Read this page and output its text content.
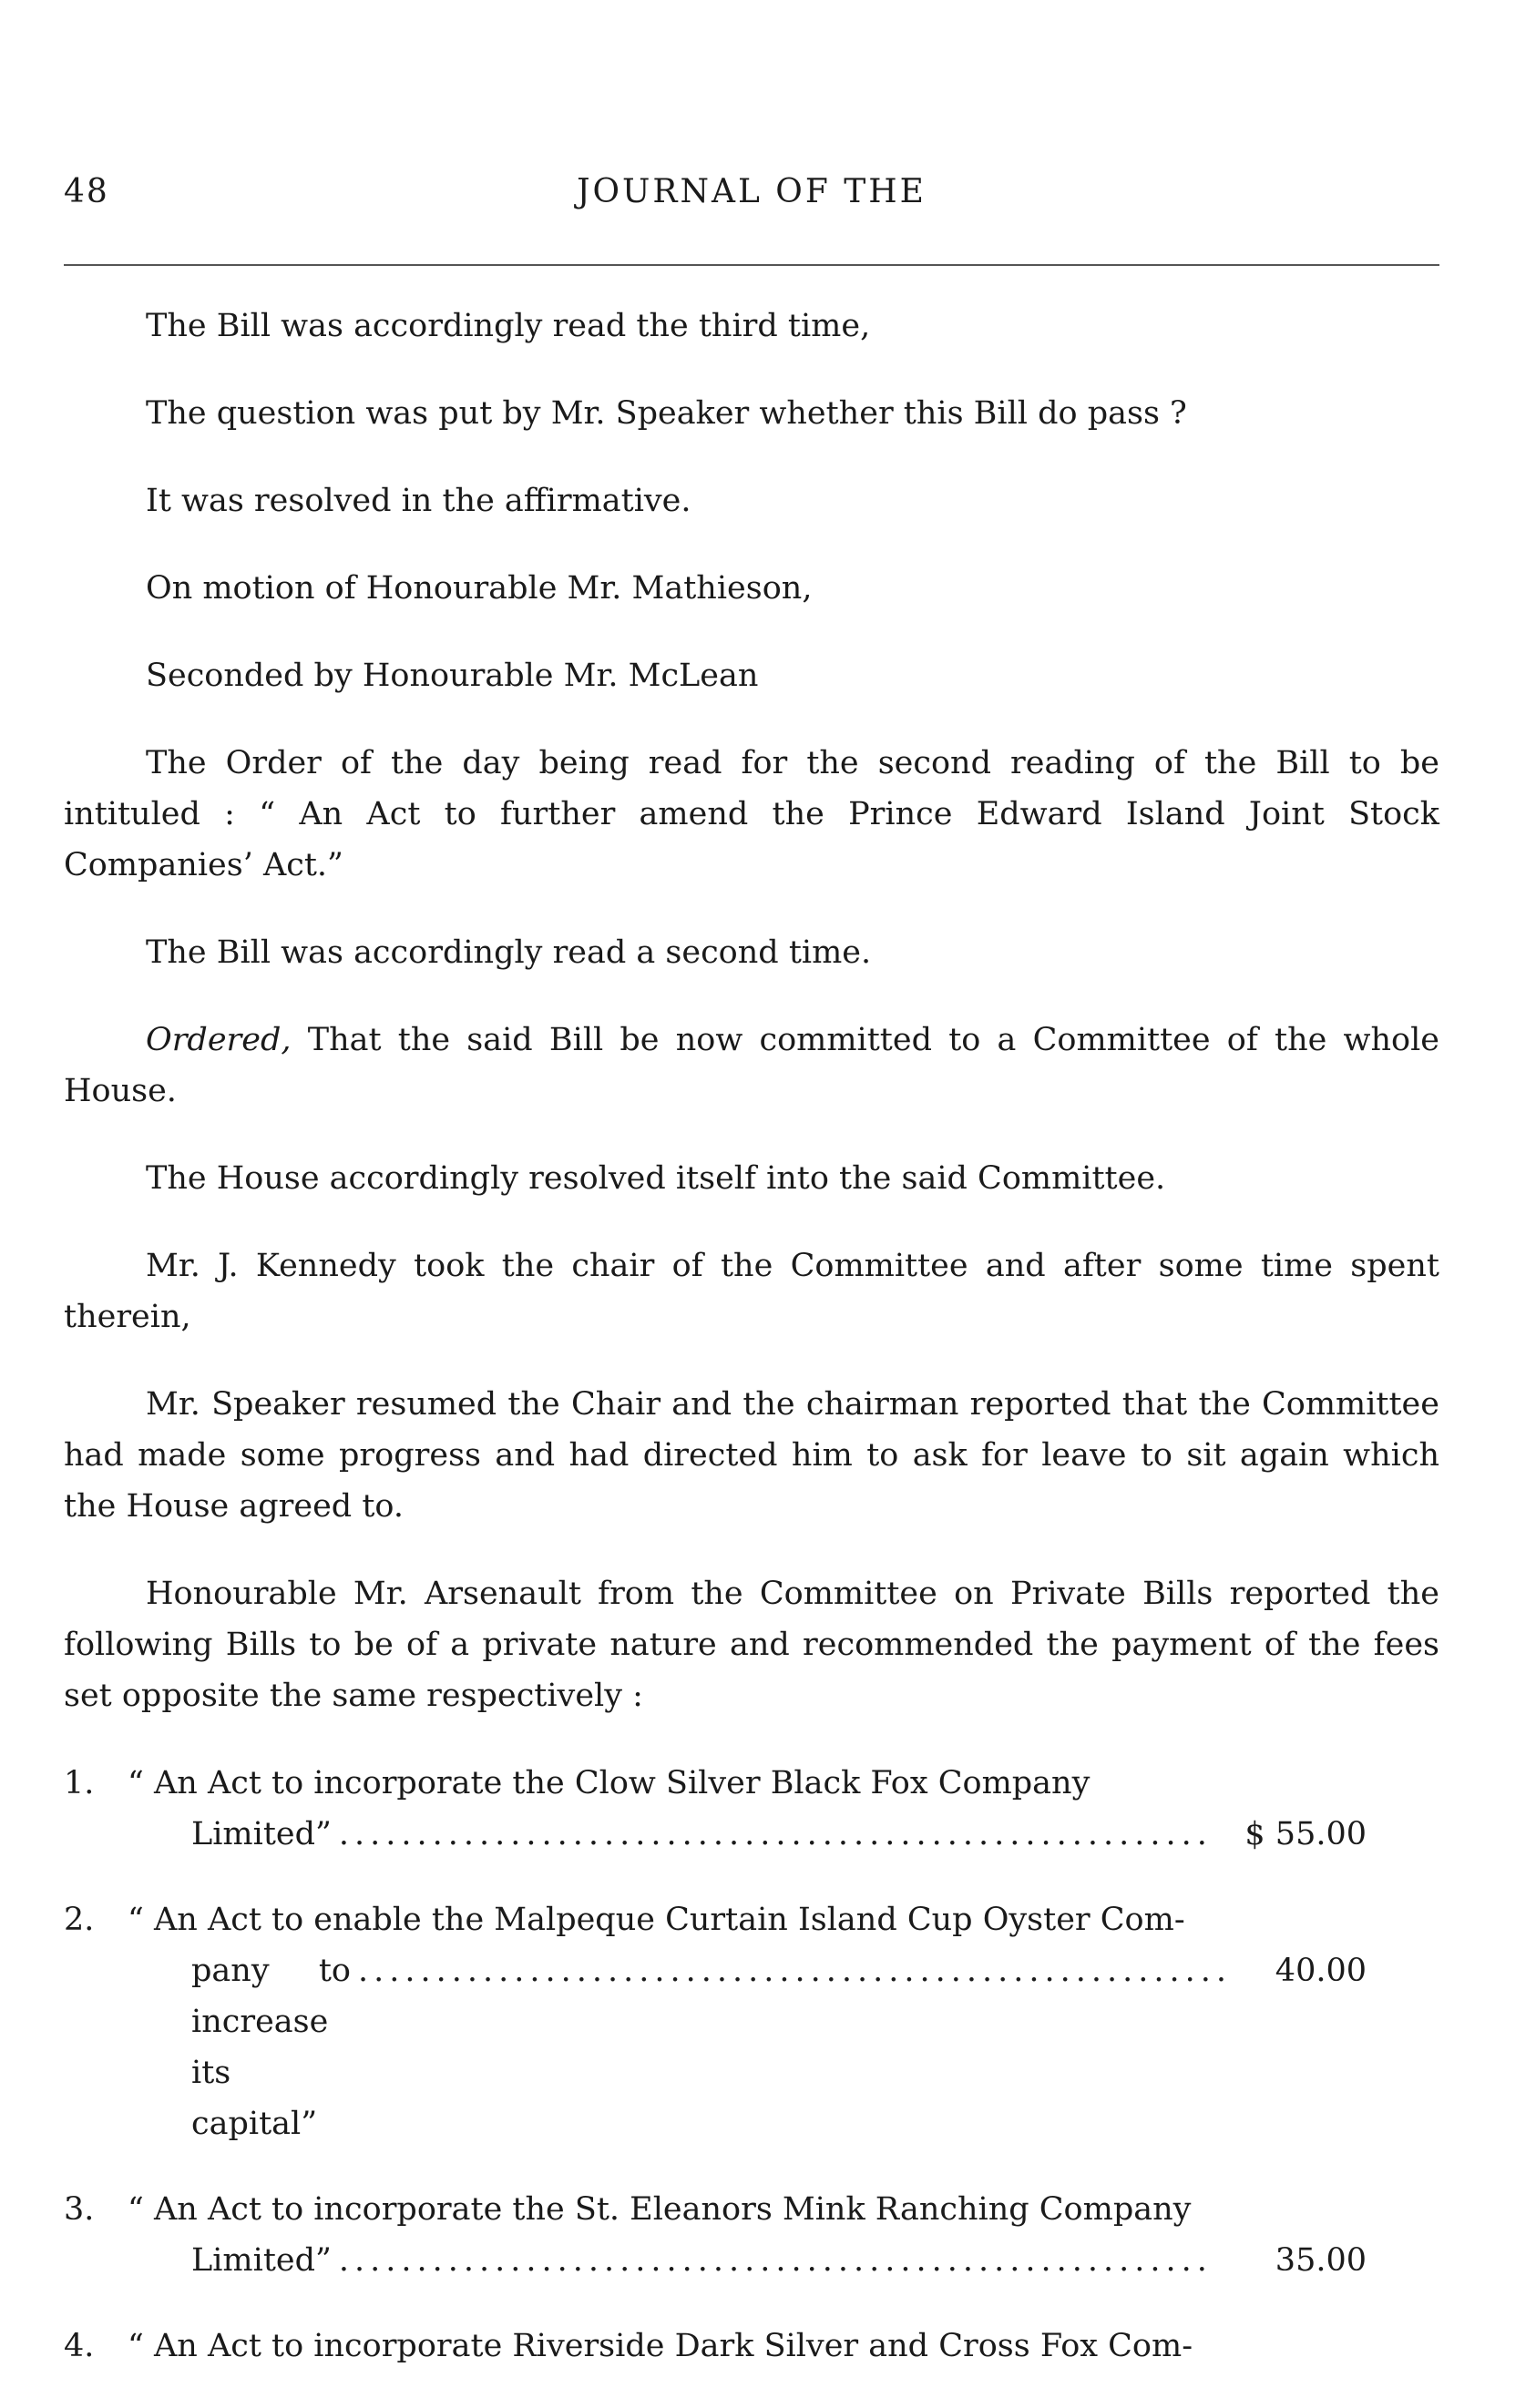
48	JOURNAL OF THE

The Bill was accordingly read the third time,

The question was put by Mr. Speaker whether this Bill do pass ?

It was resolved in the affirmative.

On motion of Honourable Mr. Mathieson,

Seconded by Honourable Mr. McLean

The Order of the day being read for the second reading of the Bill to be intituled : “ An Act to further amend the Prince Edward Island Joint Stock Companies’ Act.”

The Bill was accordingly read a second time.

Ordered, That the said Bill be now committed to a Committee of the whole House.

The House accordingly resolved itself into the said Committee.

Mr. J. Kennedy took the chair of the Committee and after some time spent therein,

Mr. Speaker resumed the Chair and the chairman reported that the Committee had made some progress and had directed him to ask for leave to sit again which the House agreed to.

Honourable Mr. Arsenault from the Committee on Private Bills reported the following Bills to be of a private nature and recommended the payment of the fees set opposite the same respectively :

1. “ An Act to incorporate the Clow Silver Black Fox Company
Limited” ........................................................	$ 55.00
2. “ An Act to enable the Malpeque Curtain Island Cup Oyster Com-
pany to increase its capital”
........................................................	40.00
3. “ An Act to incorporate the St. Eleanors Mink Ranching Company
Limited” ........................................................	35.00
4. “ An Act to incorporate Riverside Dark Silver and Cross Fox Com-
